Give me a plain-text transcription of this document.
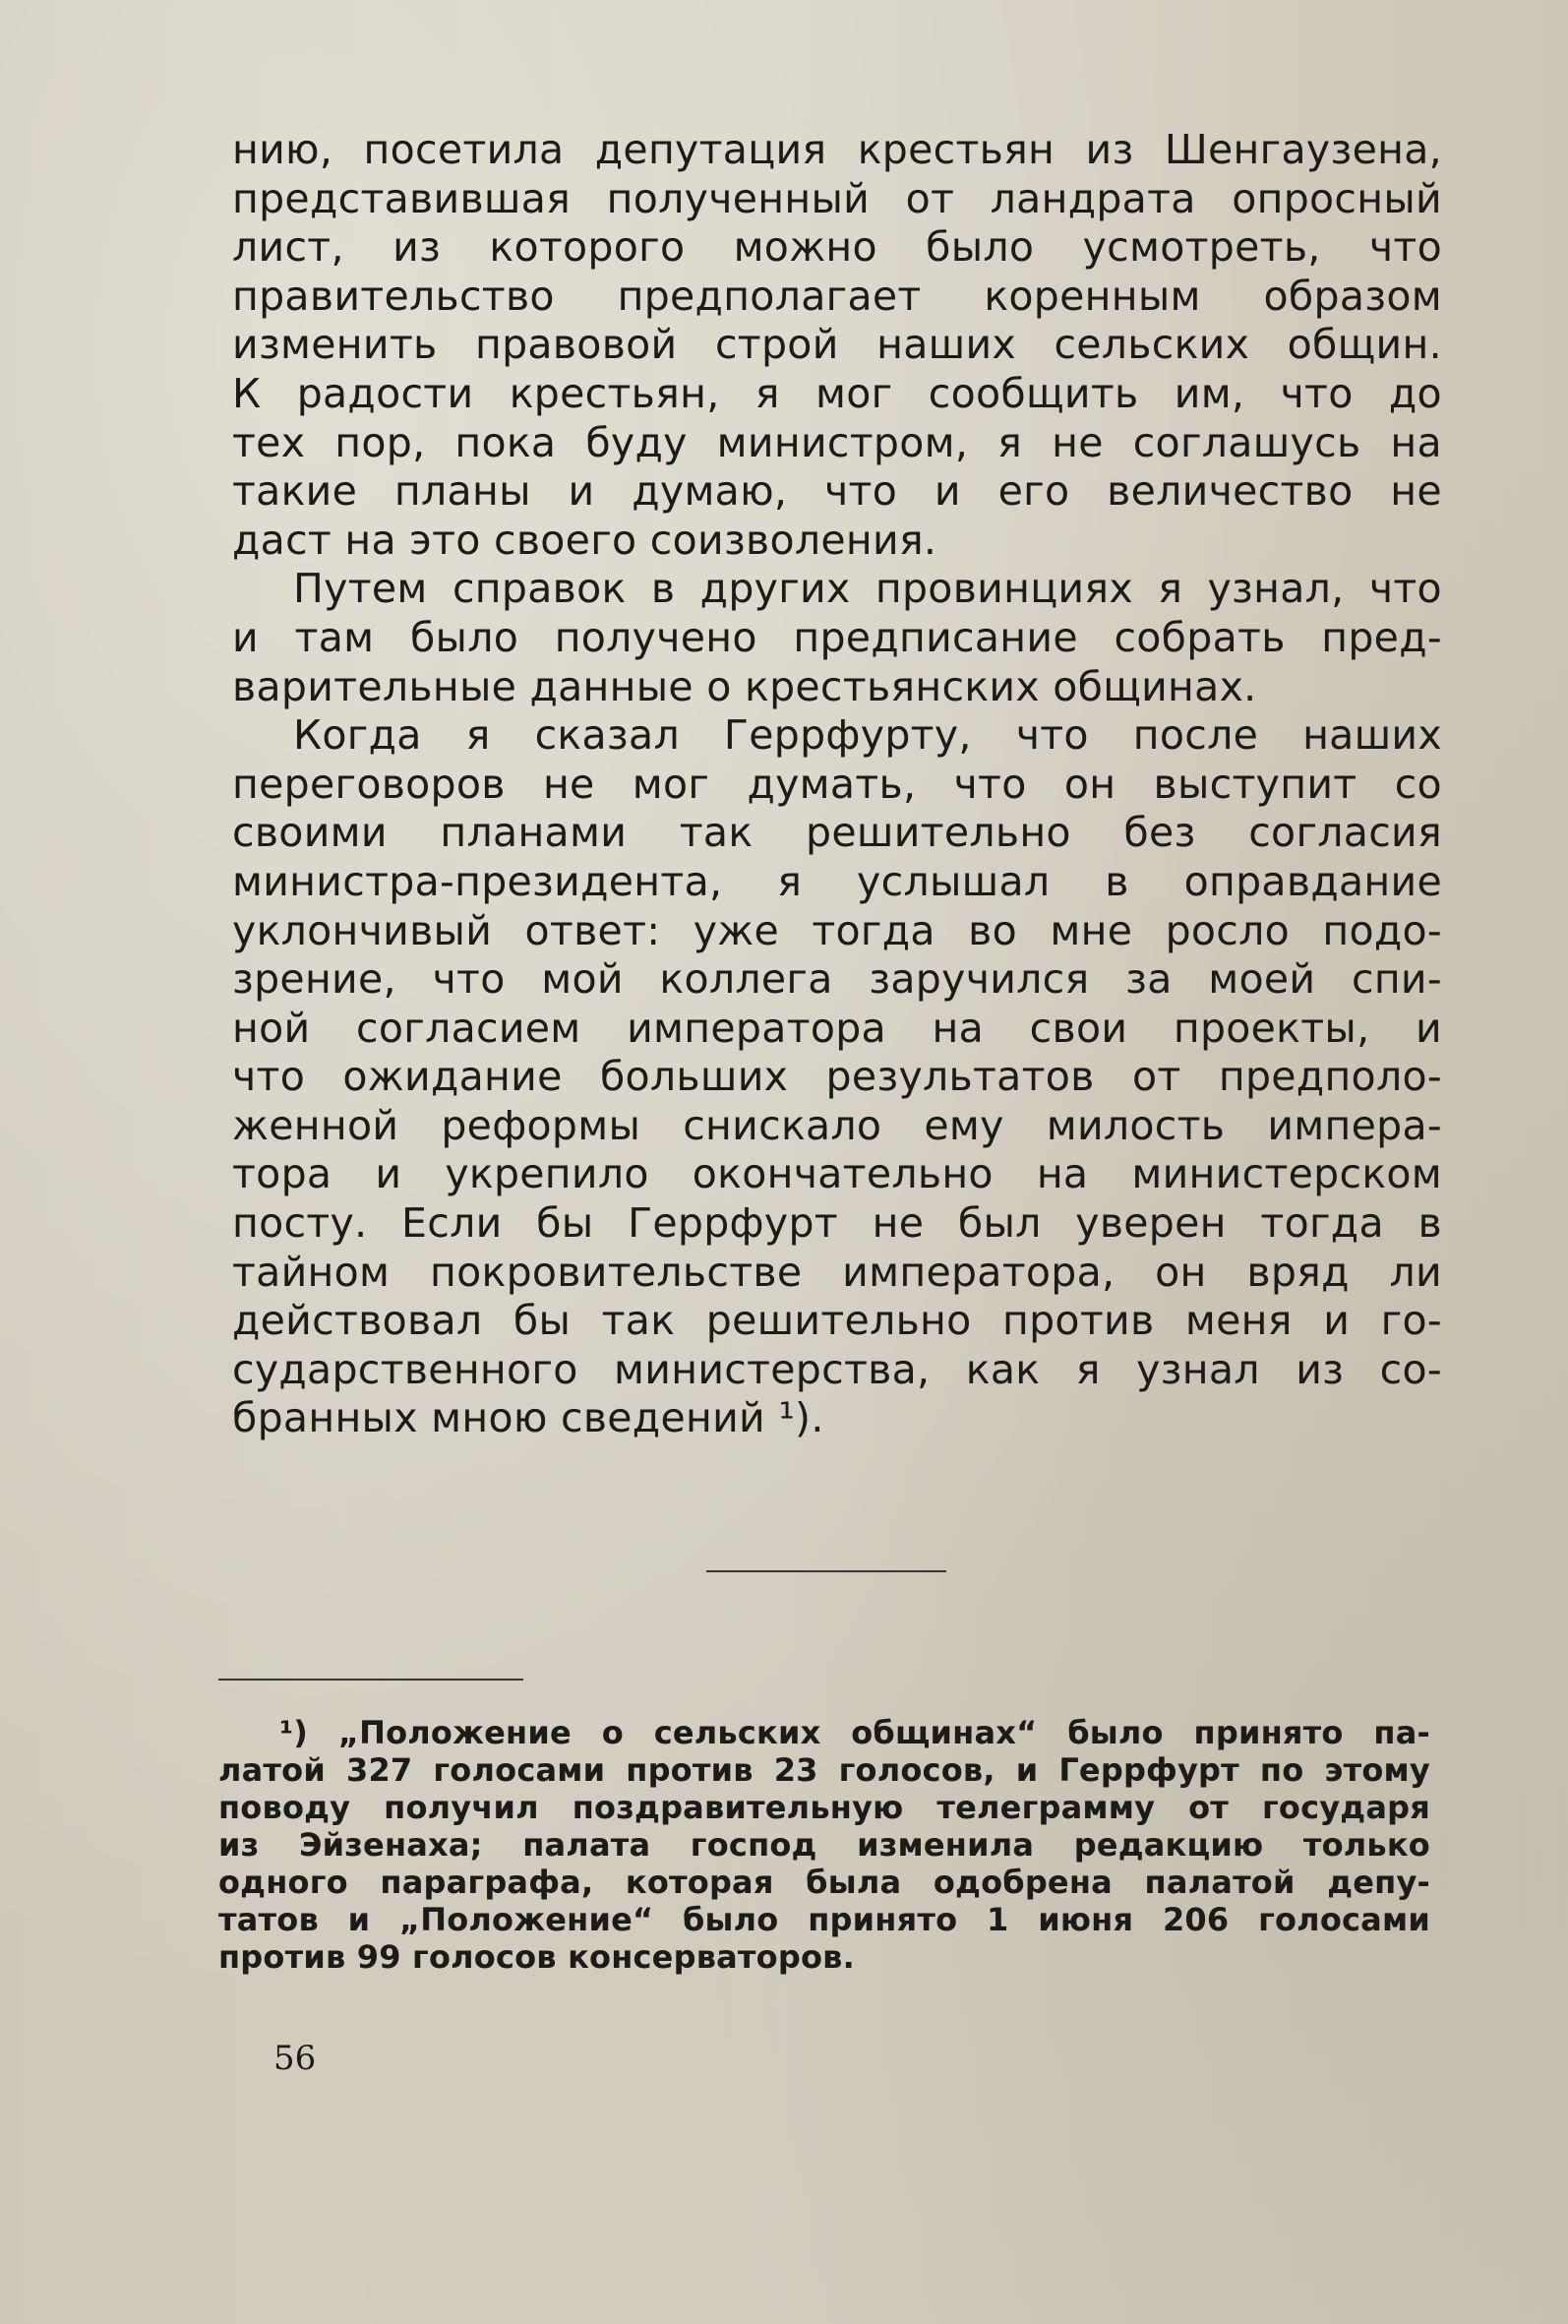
нию, посетила депутация крестьян из Шенгаузена,
представившая полученный от ландрата опросный
лист, из которого можно было усмотреть, что
правительство предполагает коренным образом
изменить правовой строй наших сельских общин.
К радости крестьян, я мог сообщить им, что до
тех пор, пока буду министром, я не соглашусь на
такие планы и думаю, что и его величество не
даст на это своего соизволения.
Путем справок в других провинциях я узнал, что
и там было получено предписание собрать пред-
варительные данные о крестьянских общинах.
Когда я сказал Геррфурту, что после наших
переговоров не мог думать, что он выступит со
своими планами так решительно без согласия
министра-президента, я услышал в оправдание
уклончивый ответ: уже тогда во мне росло подо-
зрение, что мой коллега заручился за моей спи-
ной согласием императора на свои проекты, и
что ожидание больших результатов от предполо-
женной реформы снискало ему милость импера-
тора и укрепило окончательно на министерском
посту. Если бы Геррфурт не был уверен тогда в
тайном покровительстве императора, он вряд ли
действовал бы так решительно против меня и го-
сударственного министерства, как я узнал из со-
бранных мною сведений ¹).
¹) „Положение о сельских общинах“ было принято па-
латой 327 голосами против 23 голосов, и Геррфурт по этому
поводу получил поздравительную телеграмму от государя
из Эйзенаха; палата господ изменила редакцию только
одного параграфа, которая была одобрена палатой депу-
татов и „Положение“ было принято 1 июня 206 голосами
против 99 голосов консерваторов.
56
